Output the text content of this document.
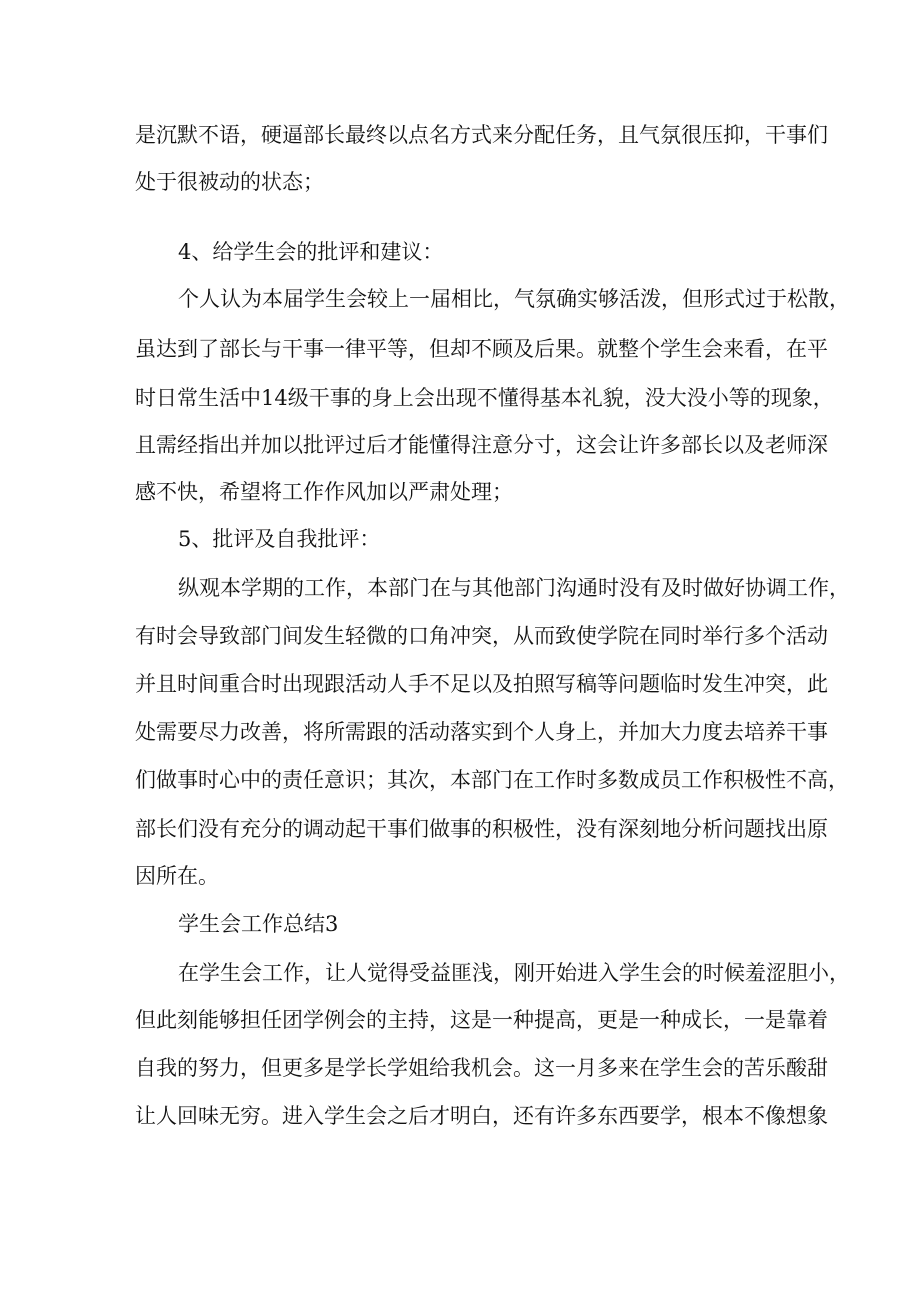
是沉默不语，硬逼部长最终以点名方式来分配任务，且气氛很压抑，干事们
处于很被动的状态；
4、给学生会的批评和建议：
个人认为本届学生会较上一届相比，气氛确实够活泼，但形式过于松散，
虽达到了部长与干事一律平等，但却不顾及后果。就整个学生会来看，在平
时日常生活中14级干事的身上会出现不懂得基本礼貌，没大没小等的现象，
且需经指出并加以批评过后才能懂得注意分寸，这会让许多部长以及老师深
感不快，希望将工作作风加以严肃处理；
5、批评及自我批评：
纵观本学期的工作，本部门在与其他部门沟通时没有及时做好协调工作，
有时会导致部门间发生轻微的口角冲突，从而致使学院在同时举行多个活动
并且时间重合时出现跟活动人手不足以及拍照写稿等问题临时发生冲突，此
处需要尽力改善，将所需跟的活动落实到个人身上，并加大力度去培养干事
们做事时心中的责任意识；其次，本部门在工作时多数成员工作积极性不高，
部长们没有充分的调动起干事们做事的积极性，没有深刻地分析问题找出原
因所在。
学生会工作总结3
在学生会工作，让人觉得受益匪浅，刚开始进入学生会的时候羞涩胆小，
但此刻能够担任团学例会的主持，这是一种提高，更是一种成长，一是靠着
自我的努力，但更多是学长学姐给我机会。这一月多来在学生会的苦乐酸甜
让人回味无穷。进入学生会之后才明白，还有许多东西要学，根本不像想象
